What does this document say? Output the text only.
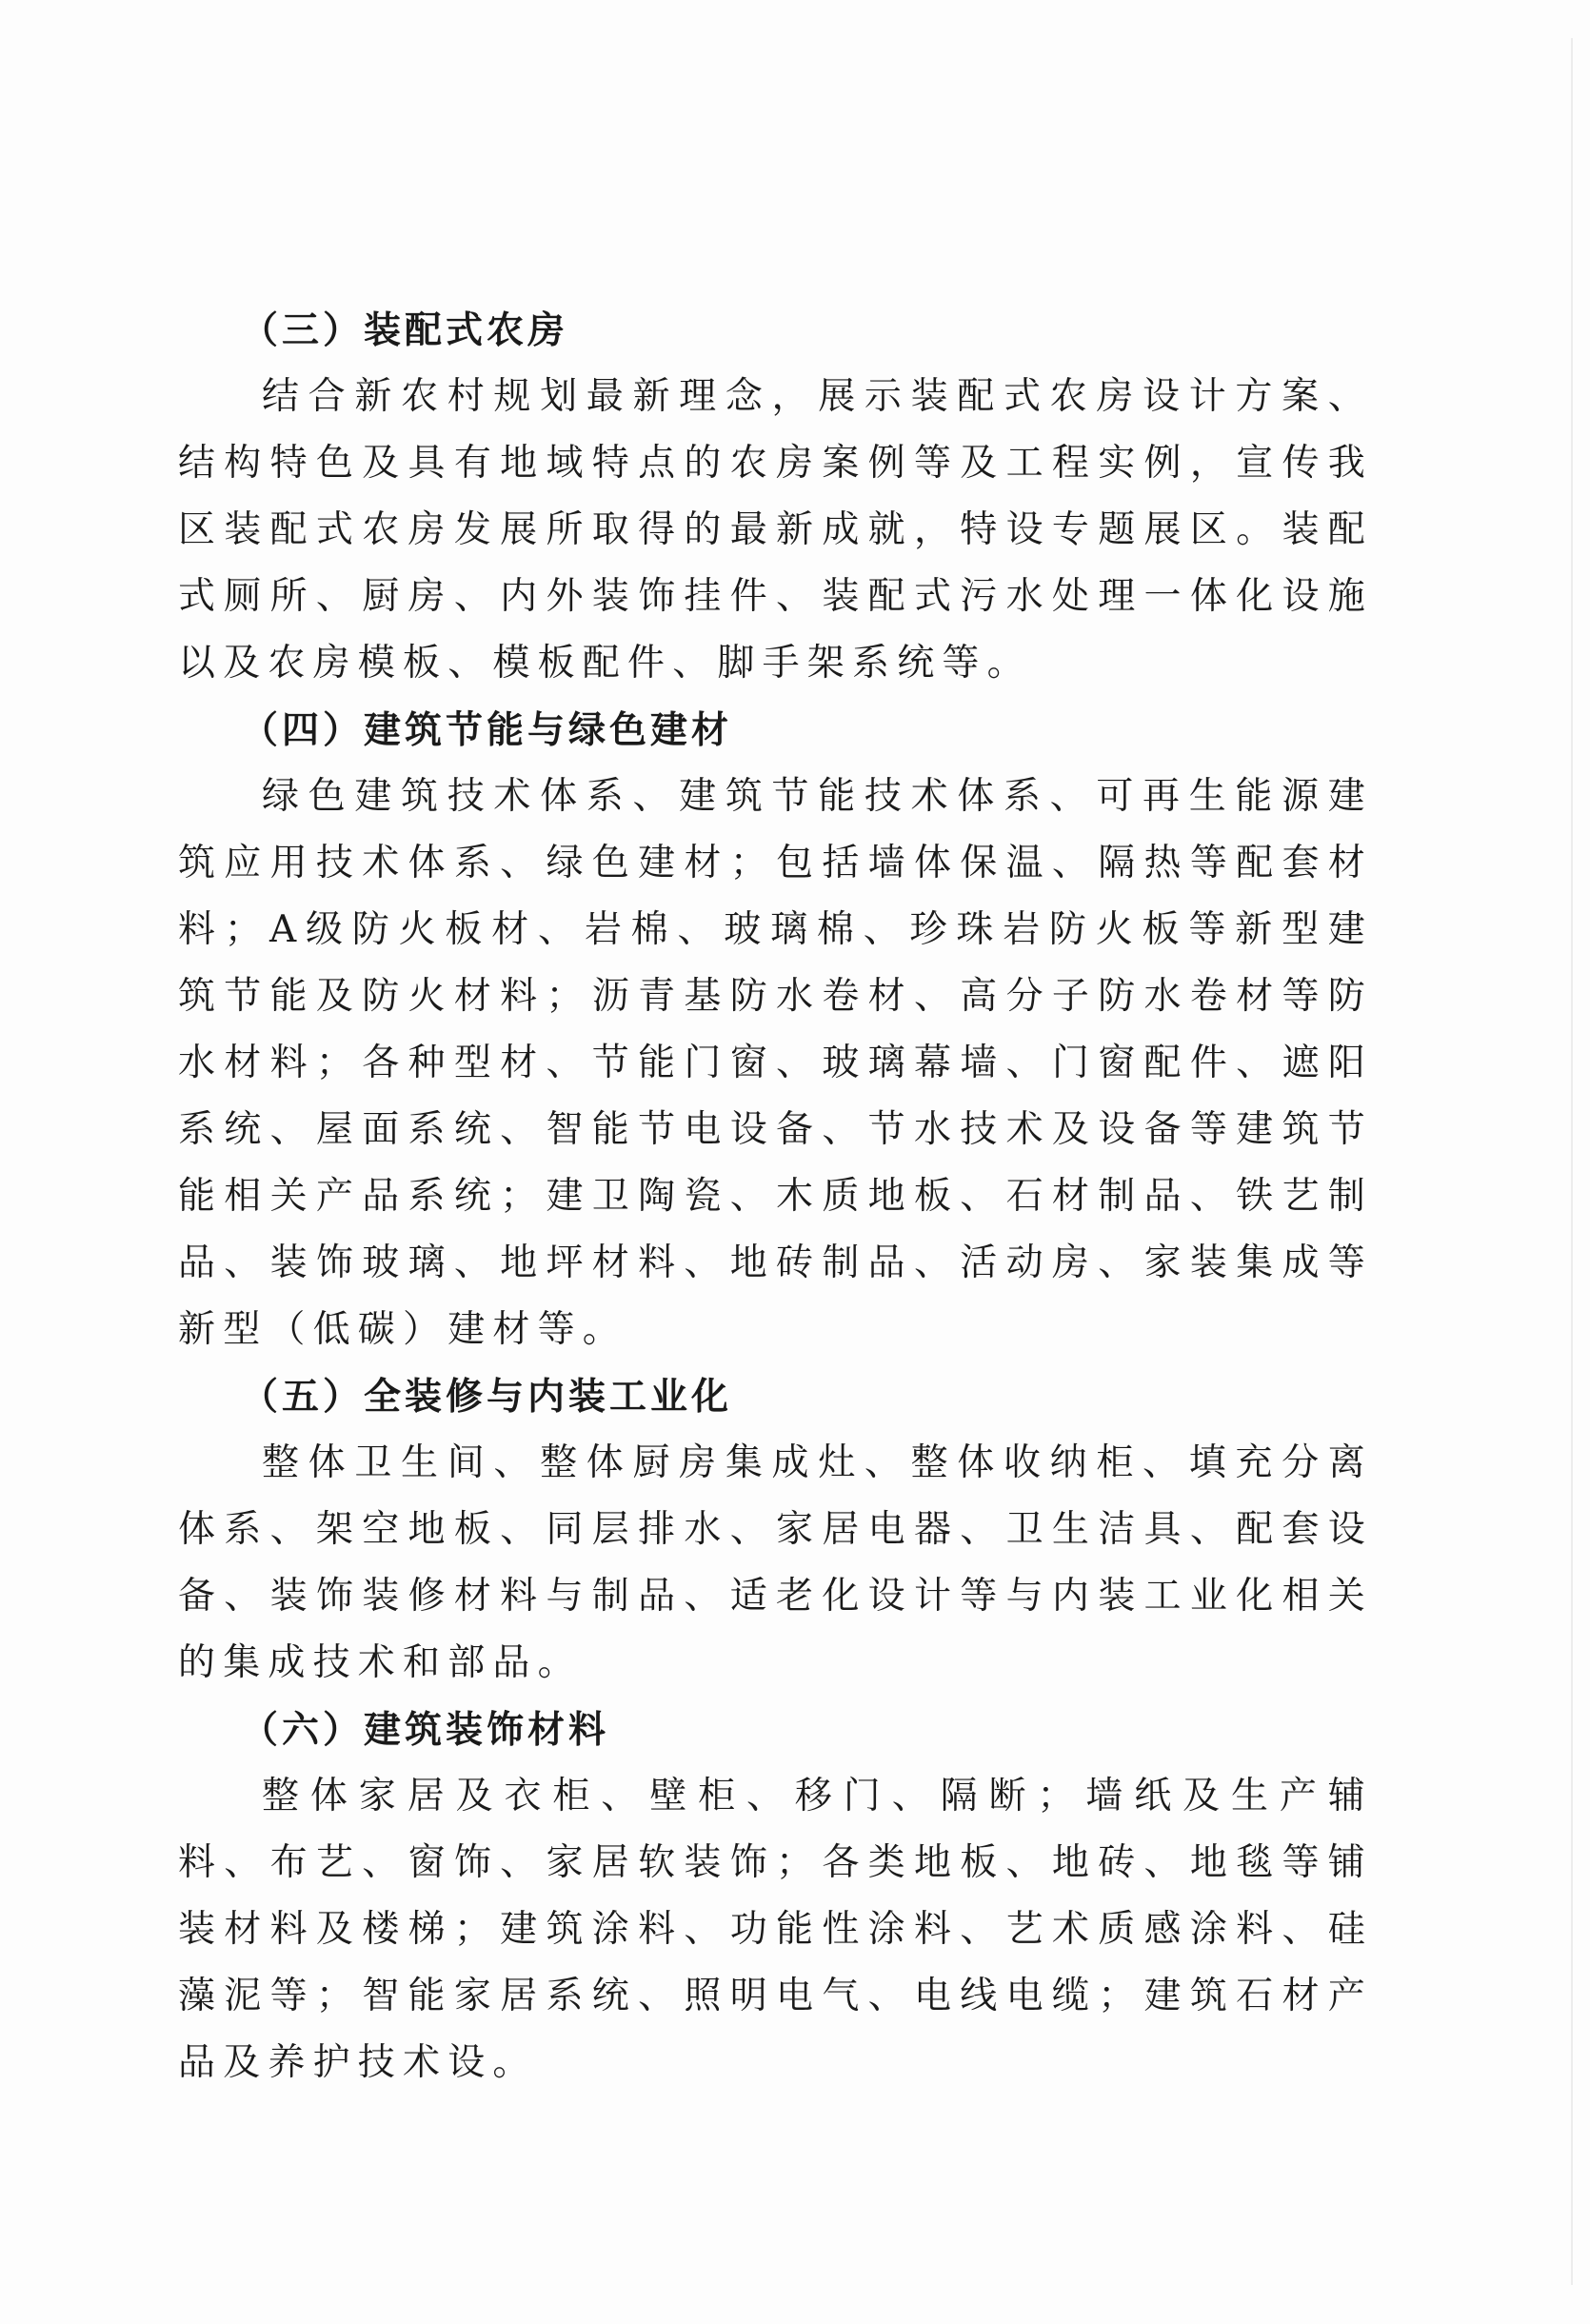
（三）装配式农房

结合新农村规划最新理念，展示装配式农房设计方案、结构特色及具有地域特点的农房案例等及工程实例，宣传我区装配式农房发展所取得的最新成就，特设专题展区。装配式厕所、厨房、内外装饰挂件、装配式污水处理一体化设施以及农房模板、模板配件、脚手架系统等。

（四）建筑节能与绿色建材

绿色建筑技术体系、建筑节能技术体系、可再生能源建筑应用技术体系、绿色建材；包括墙体保温、隔热等配套材料；A级防火板材、岩棉、玻璃棉、珍珠岩防火板等新型建筑节能及防火材料；沥青基防水卷材、高分子防水卷材等防水材料；各种型材、节能门窗、玻璃幕墙、门窗配件、遮阳系统、屋面系统、智能节电设备、节水技术及设备等建筑节能相关产品系统；建卫陶瓷、木质地板、石材制品、铁艺制品、装饰玻璃、地坪材料、地砖制品、活动房、家装集成等新型（低碳）建材等。

（五）全装修与内装工业化

整体卫生间、整体厨房集成灶、整体收纳柜、填充分离体系、架空地板、同层排水、家居电器、卫生洁具、配套设备、装饰装修材料与制品、适老化设计等与内装工业化相关的集成技术和部品。

（六）建筑装饰材料

整体家居及衣柜、壁柜、移门、隔断；墙纸及生产辅料、布艺、窗饰、家居软装饰；各类地板、地砖、地毯等铺装材料及楼梯；建筑涂料、功能性涂料、艺术质感涂料、硅藻泥等；智能家居系统、照明电气、电线电缆；建筑石材产品及养护技术设。
